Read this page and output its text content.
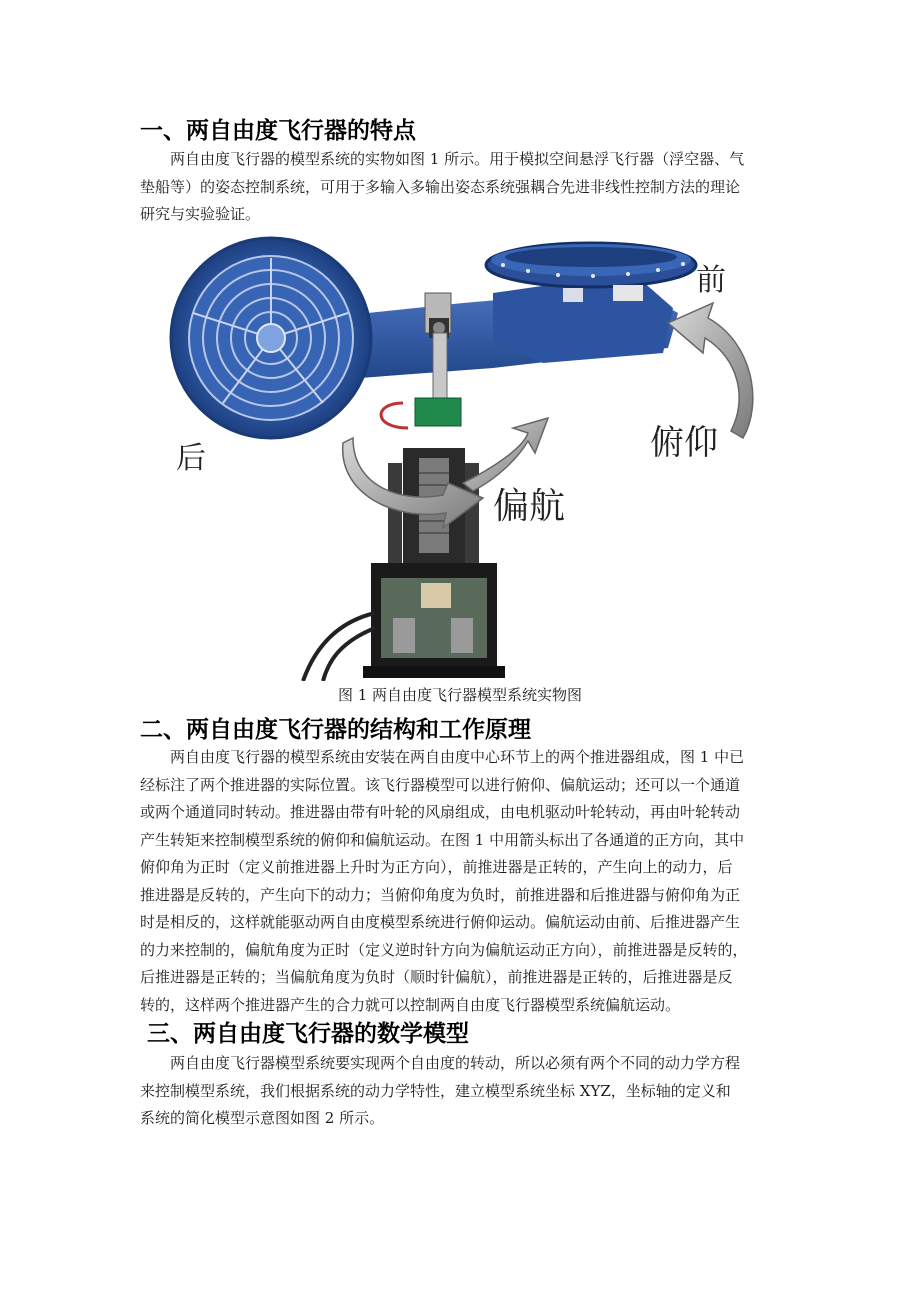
一、两自由度飞行器的特点
两自由度飞行器的模型系统的实物如图 1 所示。用于模拟空间悬浮飞行器（浮空器、气
垫船等）的姿态控制系统，可用于多输入多输出姿态系统强耦合先进非线性控制方法的理论
研究与实验验证。
前
后	俯仰
偏航
图 1 两自由度飞行器模型系统实物图
二、两自由度飞行器的结构和工作原理
两自由度飞行器的模型系统由安装在两自由度中心环节上的两个推进器组成，图 1 中已
经标注了两个推进器的实际位置。该飞行器模型可以进行俯仰、偏航运动；还可以一个通道
或两个通道同时转动。推进器由带有叶轮的风扇组成，由电机驱动叶轮转动，再由叶轮转动
产生转矩来控制模型系统的俯仰和偏航运动。在图 1 中用箭头标出了各通道的正方向，其中
俯仰角为正时（定义前推进器上升时为正方向），前推进器是正转的，产生向上的动力，后
推进器是反转的，产生向下的动力；当俯仰角度为负时，前推进器和后推进器与俯仰角为正
时是相反的，这样就能驱动两自由度模型系统进行俯仰运动。偏航运动由前、后推进器产生
的力来控制的，偏航角度为正时（定义逆时针方向为偏航运动正方向），前推进器是反转的，
后推进器是正转的；当偏航角度为负时（顺时针偏航），前推进器是正转的，后推进器是反
转的，这样两个推进器产生的合力就可以控制两自由度飞行器模型系统偏航运动。
三、两自由度飞行器的数学模型
两自由度飞行器模型系统要实现两个自由度的转动，所以必须有两个不同的动力学方程
来控制模型系统，我们根据系统的动力学特性，建立模型系统坐标 XYZ，坐标轴的定义和
系统的简化模型示意图如图 2 所示。
